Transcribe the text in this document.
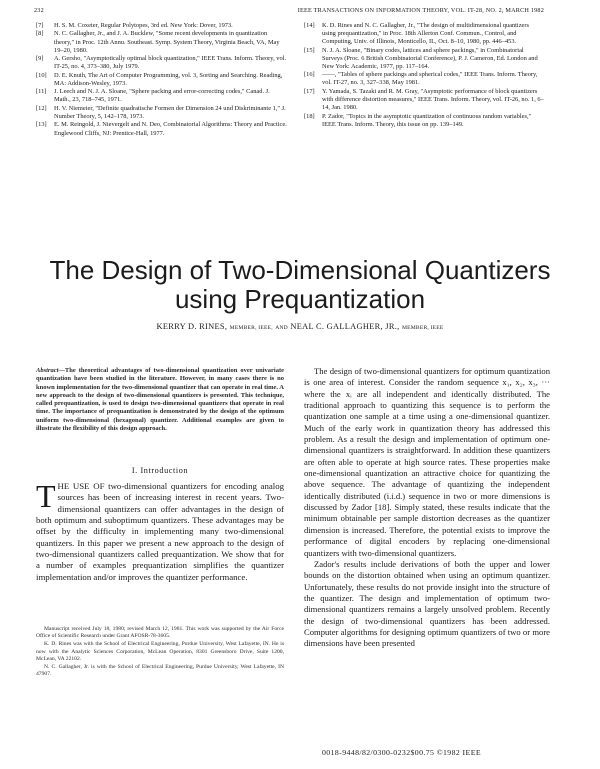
232	IEEE TRANSACTIONS ON INFORMATION THEORY, VOL. IT-28, NO. 2, MARCH 1982
[7] H. S. M. Coxeter, Regular Polytopes, 3rd ed. New York: Dover, 1973.
[8] N. C. Gallagher, Jr., and J. A. Bucklew, "Some recent developments in quantization theory," in Proc. 12th Annu. Southeast. Symp. System Theory, Virginia Beach, VA, May 19–20, 1980.
[9] A. Gersho, "Asymptotically optimal block quantization," IEEE Trans. Inform. Theory, vol. IT-25, no. 4, 373–380, July 1979.
[10] D. E. Knuth, The Art of Computer Programming, vol. 3, Sorting and Searching. Reading, MA: Addison-Wesley, 1973.
[11] J. Leech and N. J. A. Sloane, "Sphere packing and error-correcting codes," Canad. J. Math., 23, 718–745, 1971.
[12] H. V. Niemeier, "Definite quadratische Formen der Dimension 24 und Diskriminante 1," J. Number Theory, 5, 142–178, 1973.
[13] E. M. Reingold, J. Nievergelt and N. Deo, Combinatorial Algorithms: Theory and Practice. Englewood Cliffs, NJ: Prentice-Hall, 1977.
[14] K. D. Rines and N. C. Gallagher, Jr., "The design of multidimensional quantizers using prequantization," in Proc. 18th Allerton Conf. Commun., Control, and Computing, Univ. of Illinois, Monticello, IL, Oct. 8–10, 1980, pp. 446–453.
[15] N. J. A. Sloane, "Binary codes, lattices and sphere packings," in Combinatorial Surveys (Proc. 6 British Combinatorial Conference), P. J. Cameron, Ed. London and New York: Academic, 1977, pp. 117–164.
[16] ——, "Tables of sphere packings and spherical codes," IEEE Trans. Inform. Theory, vol. IT-27, no. 3, 327–338, May 1981.
[17] Y. Yamada, S. Tazaki and R. M. Gray, "Asymptotic performance of block quantizers with difference distortion measures," IEEE Trans. Inform. Theory, vol. IT-26, no. 1, 6–14, Jan. 1980.
[18] P. Zador, "Topics in the asymptotic quantization of continuous random variables," IEEE Trans. Inform. Theory, this issue on pp. 139–149.
The Design of Two-Dimensional Quantizers
using Prequantization
KERRY D. RINES, MEMBER, IEEE, AND NEAL C. GALLAGHER, JR., MEMBER, IEEE
Abstract—The theoretical advantages of two-dimensional quantization over univariate quantization have been studied in the literature. However, in many cases there is no known implementation for the two-dimensional quantizer that can operate in real time. A new approach to the design of two-dimensional quantizers is presented. This technique, called prequantization, is used to design two-dimensional quantizers that operate in real time. The importance of prequantization is demonstrated by the design of the optimum uniform two-dimensional (hexagonal) quantizer. Additional examples are given to illustrate the flexibility of this design approach.
I. Introduction
THE USE OF two-dimensional quantizers for encoding analog sources has been of increasing interest in recent years. Two-dimensional quantizers can offer advantages in the design of both optimum and suboptimum quantizers. These advantages may be offset by the difficulty in implementing many two-dimensional quantizers. In this paper we present a new approach to the design of two-dimensional quantizers called prequantization. We show that for a number of examples prequantization simplifies the quantizer implementation and/or improves the quantizer performance.

Manuscript received July 18, 1980; revised March 12, 1981. This work was supported by the Air Force Office of Scientific Research under Grant AFOSR-78-3605.

K. D. Rines was with the School of Electrical Engineering, Purdue University, West Lafayette, IN. He is now with the Analytic Sciences Corporation, McLean Operation, 8301 Greensboro Drive, Suite 1200, McLean, VA 22102.

N. C. Gallagher, Jr. is with the School of Electrical Engineering, Purdue University, West Lafayette, IN 47907.

The design of two-dimensional quantizers for optimum quantization is one area of interest. Consider the random sequence x₁, x₂, x₃, ··· where the xᵢ are all independent and identically distributed. The traditional approach to quantizing this sequence is to perform the quantization one sample at a time using a one-dimensional quantizer. Much of the early work in quantization theory has addressed this problem. As a result the design and implementation of optimum one-dimensional quantizers is straightforward. In addition these quantizers are often able to operate at high source rates. These properties make one-dimensional quantization an attractive choice for quantizing the above sequence. The advantage of quantizing the independent identically distributed (i.i.d.) sequence in two or more dimensions is discussed by Zador [18]. Simply stated, these results indicate that the minimum obtainable per sample distortion decreases as the quantizer dimension is increased. Therefore, the potential exists to improve the performance of digital encoders by replacing one-dimensional quantizers with two-dimensional quantizers.

Zador's results include derivations of both the upper and lower bounds on the distortion obtained when using an optimum quantizer. Unfortunately, these results do not provide insight into the structure of the quantizer. The design and implementation of optimum two-dimensional quantizers remains a largely unsolved problem. Recently the design of two-dimensional quantizers has been addressed. Computer algorithms for designing optimum quantizers of two or more dimensions have been presented

0018-9448/82/0300-0232$00.75 ©1982 IEEE
